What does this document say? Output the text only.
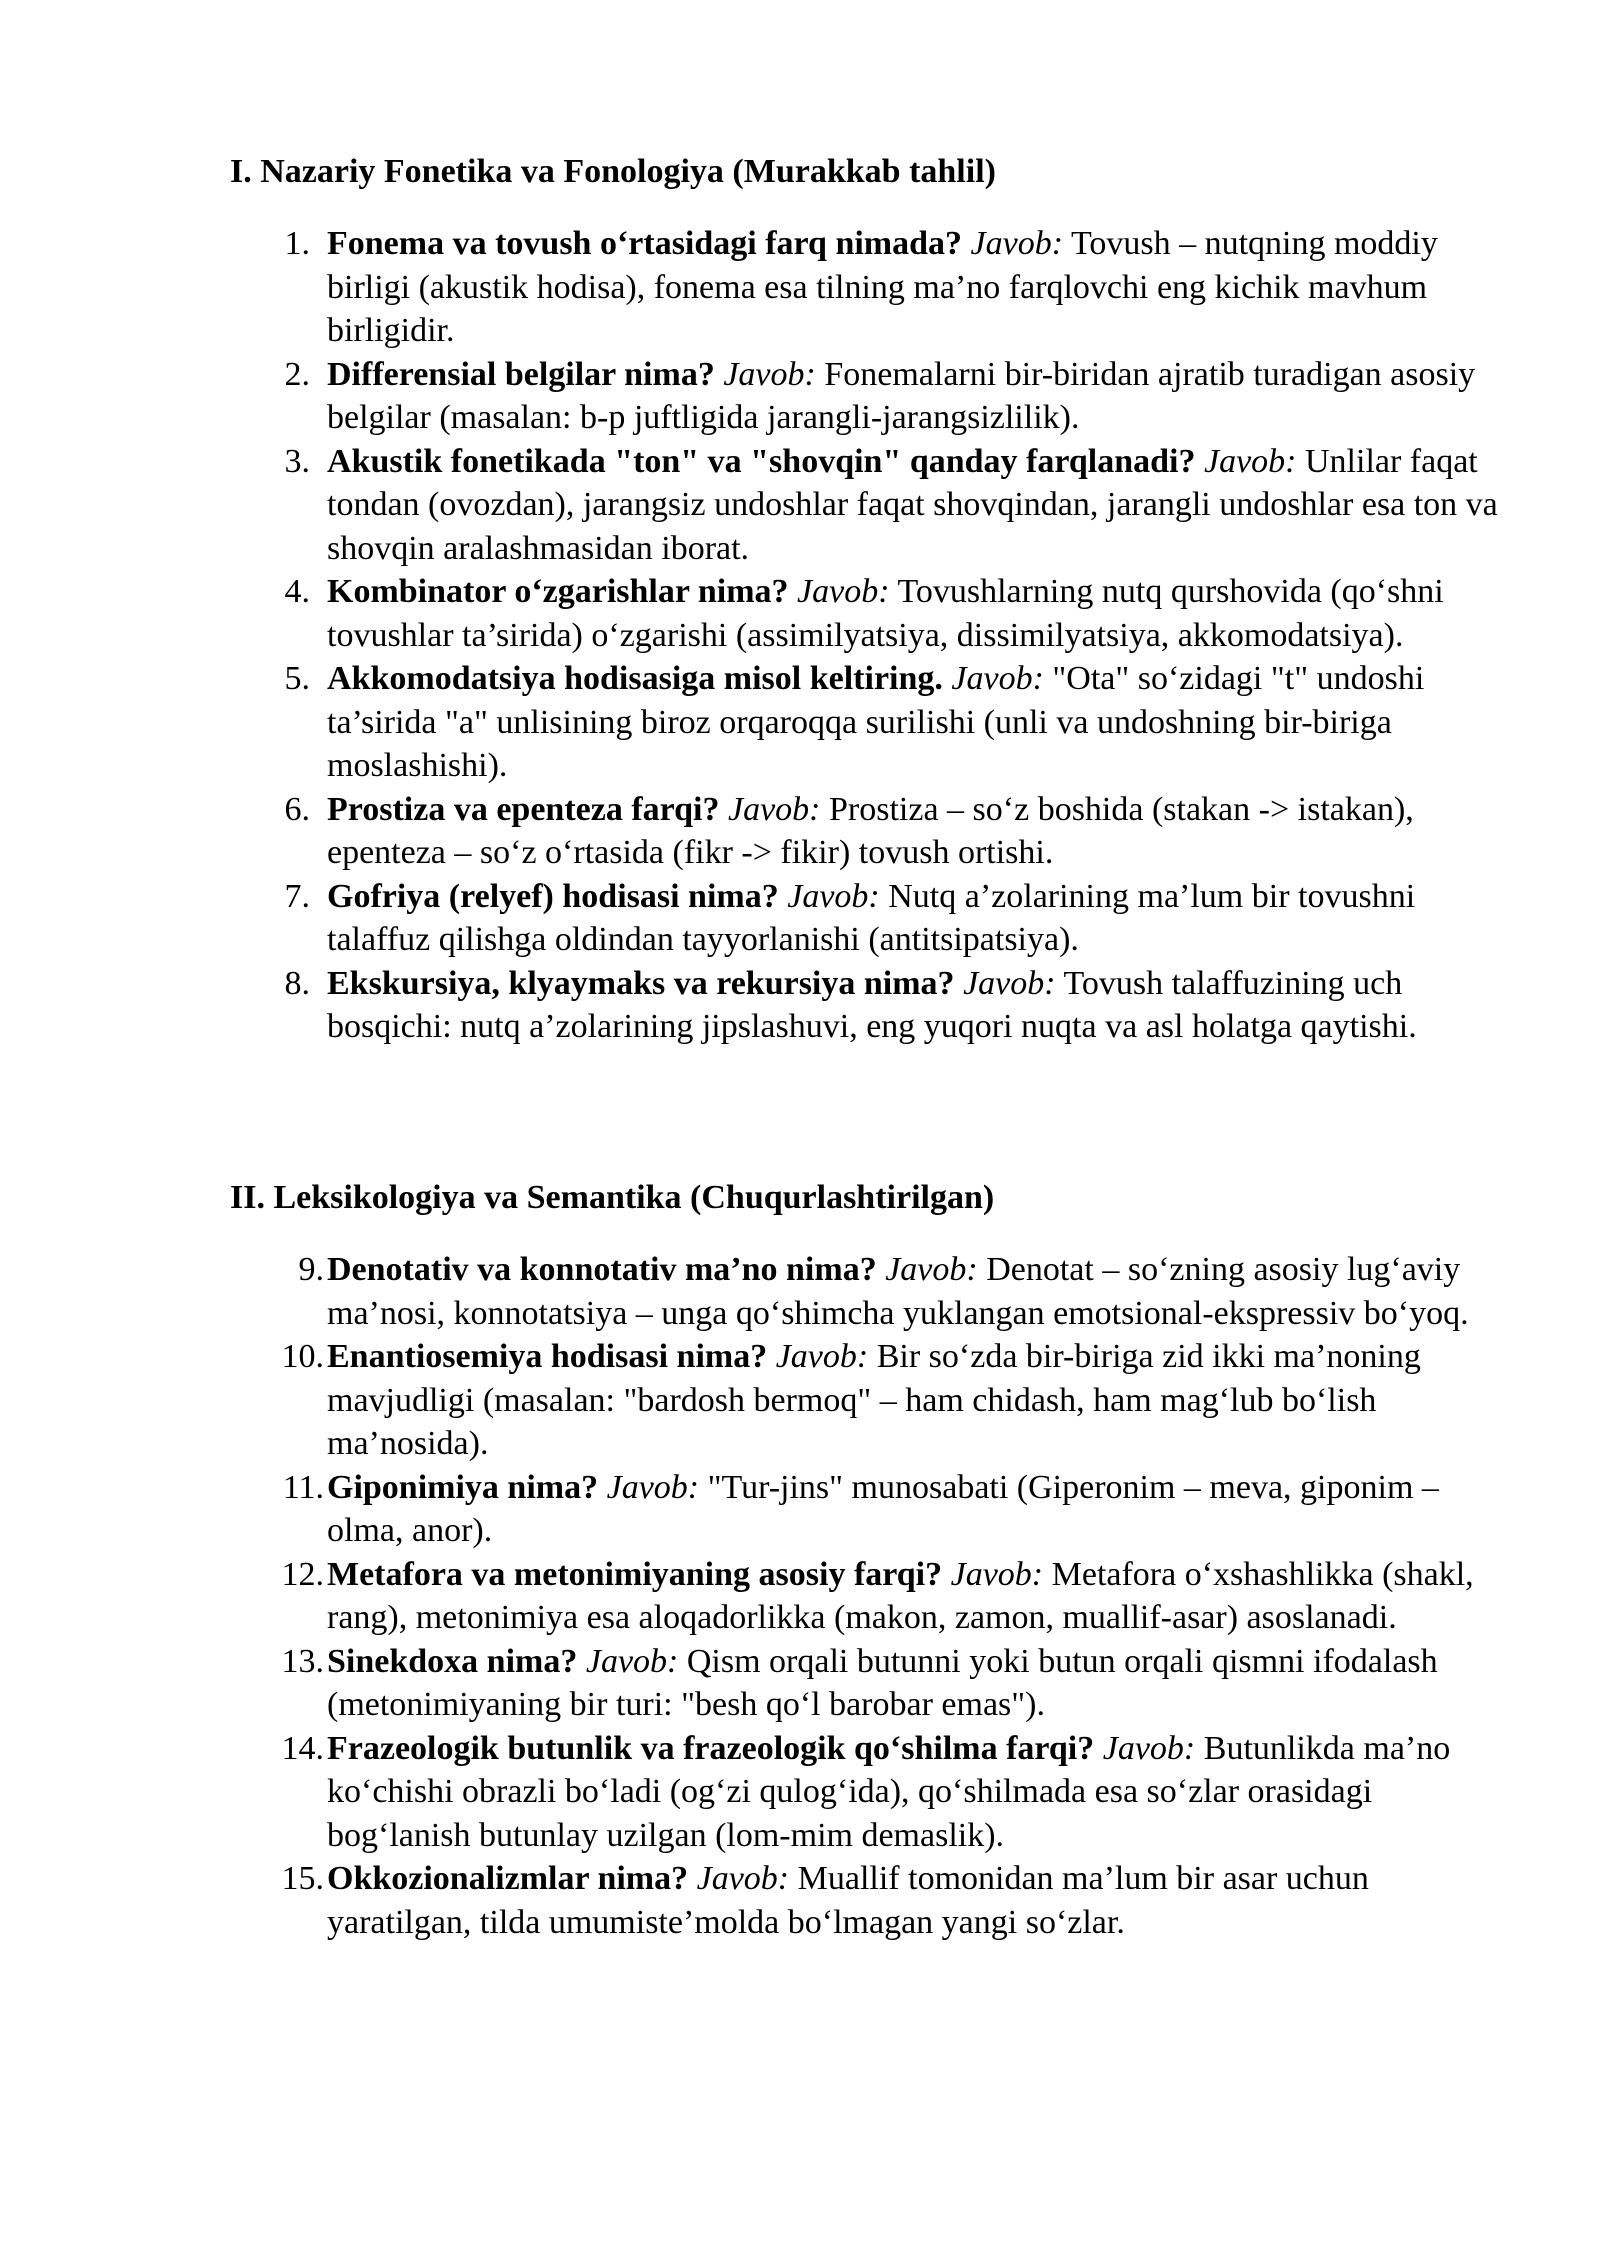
I. Nazariy Fonetika va Fonologiya (Murakkab tahlil)
1. Fonema va tovush o‘rtasidagi farq nimada? Javob: Tovush – nutqning moddiy birligi (akustik hodisa), fonema esa tilning ma’no farqlovchi eng kichik mavhum birligidir.
2. Differensial belgilar nima? Javob: Fonemalarni bir-biridan ajratib turadigan asosiy belgilar (masalan: b-p juftligida jarangli-jarangsizlilik).
3. Akustik fonetikada "ton" va "shovqin" qanday farqlanadi? Javob: Unlilar faqat tondan (ovozdan), jarangsiz undoshlar faqat shovqindan, jarangli undoshlar esa ton va shovqin aralashmasidan iborat.
4. Kombinator o‘zgarishlar nima? Javob: Tovushlarning nutq qurshovida (qo‘shni tovushlar ta’sirida) o‘zgarishi (assimilyatsiya, dissimilyatsiya, akkomodatsiya).
5. Akkomodatsiya hodisasiga misol keltiring. Javob: "Ota" so‘zidagi "t" undoshi ta’sirida "a" unlisining biroz orqaroqqa surilishi (unli va undoshning bir-biriga moslashishi).
6. Prostiza va epenteza farqi? Javob: Prostiza – so‘z boshida (stakan -> istakan), epenteza – so‘z o‘rtasida (fikr -> fikir) tovush ortishi.
7. Gofriya (relyef) hodisasi nima? Javob: Nutq a’zolarining ma’lum bir tovushni talaffuz qilishga oldindan tayyorlanishi (antitsipatsiya).
8. Ekskursiya, klyaymaks va rekursiya nima? Javob: Tovush talaffuzining uch bosqichi: nutq a’zolarining jipslashuvi, eng yuqori nuqta va asl holatga qaytishi.
II. Leksikologiya va Semantika (Chuqurlashtirilgan)
9. Denotativ va konnotativ ma’no nima? Javob: Denotat – so‘zning asosiy lug‘aviy ma’nosi, konnotatsiya – unga qo‘shimcha yuklangan emotsional-ekspressiv bo‘yoq.
10. Enantiosemiya hodisasi nima? Javob: Bir so‘zda bir-biriga zid ikki ma’noning mavjudligi (masalan: "bardosh bermoq" – ham chidash, ham mag‘lub bo‘lish ma’nosida).
11. Giponimiya nima? Javob: "Tur-jins" munosabati (Giperonim – meva, giponim – olma, anor).
12. Metafora va metonimiyaning asosiy farqi? Javob: Metafora o‘xshashlikka (shakl, rang), metonimiya esa aloqadorlikka (makon, zamon, muallif-asar) asoslanadi.
13. Sinekdoxa nima? Javob: Qism orqali butunni yoki butun orqali qismni ifodalash (metonimiyaning bir turi: "besh qo‘l barobar emas").
14. Frazeologik butunlik va frazeologik qo‘shilma farqi? Javob: Butunlikda ma’no ko‘chishi obrazli bo‘ladi (og‘zi qulog‘ida), qo‘shilmada esa so‘zlar orasidagi bog‘lanish butunlay uzilgan (lom-mim demaslik).
15. Okkozionalizmlar nima? Javob: Muallif tomonidan ma’lum bir asar uchun yaratilgan, tilda umumiste’molda bo‘lmagan yangi so‘zlar.
